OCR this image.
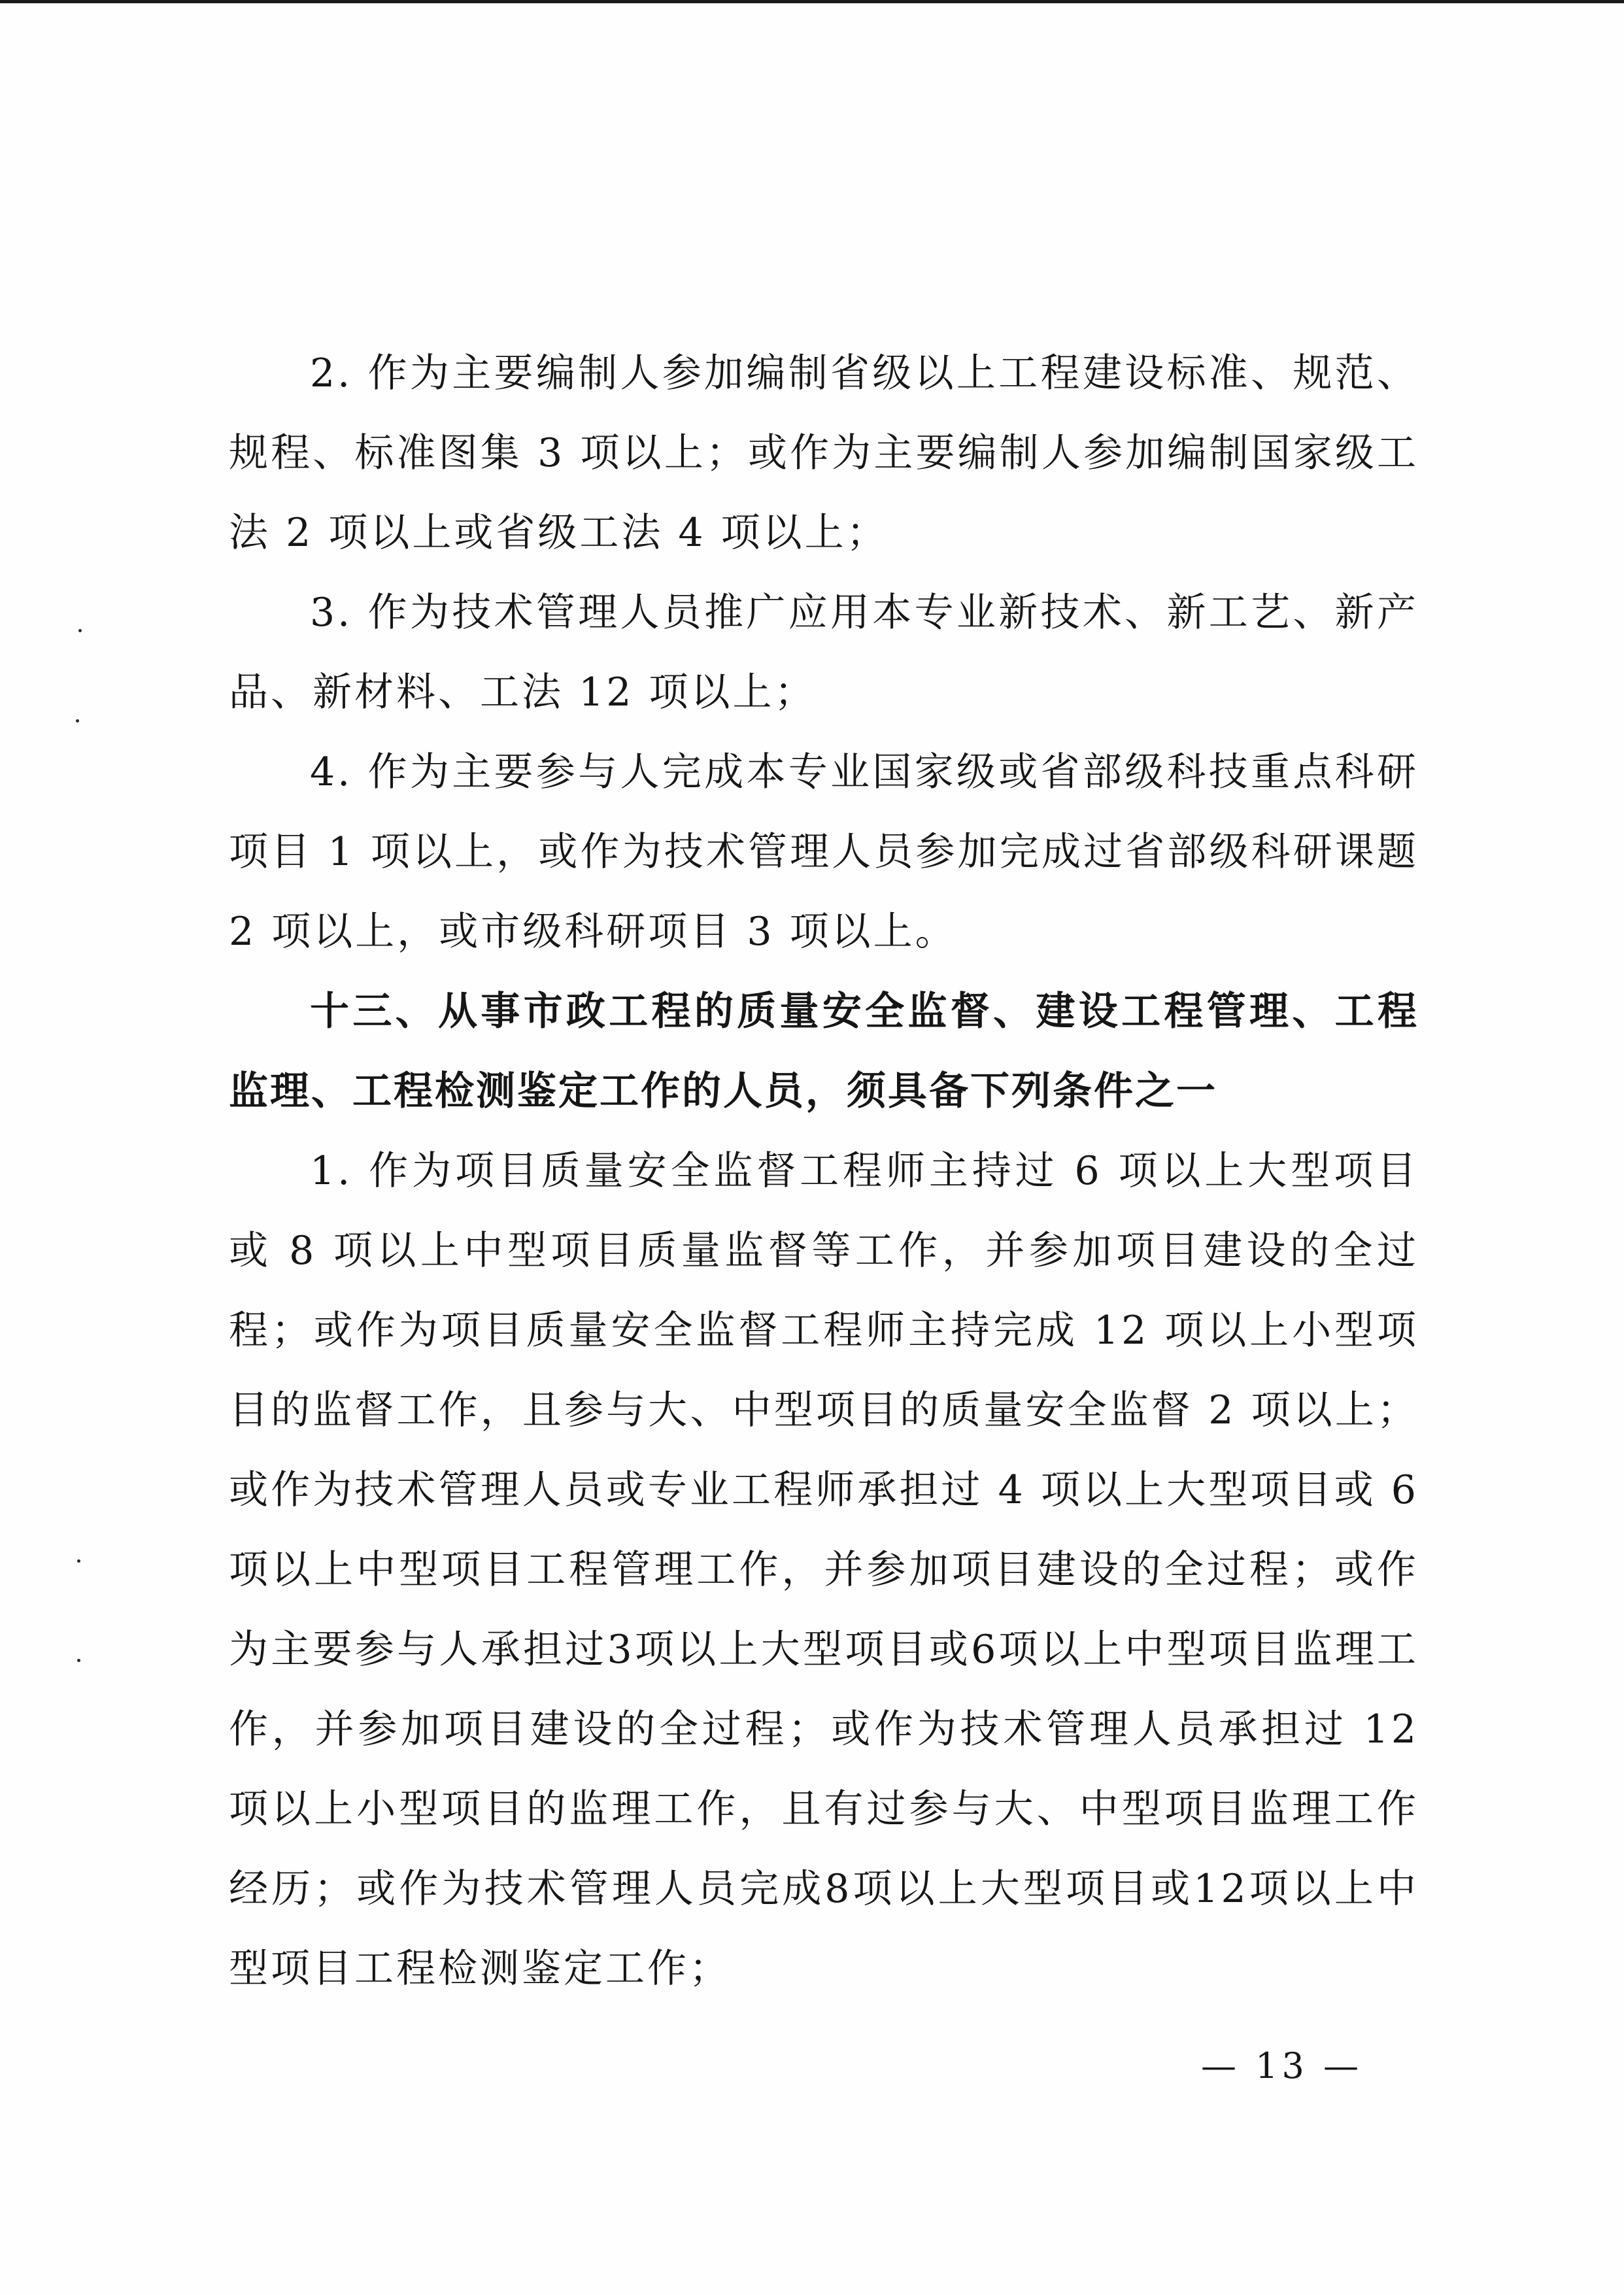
2. 作为主要编制人参加编制省级以上工程建设标准、规范、规程、标准图集 3 项以上；或作为主要编制人参加编制国家级工法 2 项以上或省级工法 4 项以上；

3. 作为技术管理人员推广应用本专业新技术、新工艺、新产品、新材料、工法 12 项以上；

4. 作为主要参与人完成本专业国家级或省部级科技重点科研项目 1 项以上，或作为技术管理人员参加完成过省部级科研课题 2 项以上，或市级科研项目 3 项以上。

十三、从事市政工程的质量安全监督、建设工程管理、工程监理、工程检测鉴定工作的人员，须具备下列条件之一

1. 作为项目质量安全监督工程师主持过 6 项以上大型项目或 8 项以上中型项目质量监督等工作，并参加项目建设的全过程；或作为项目质量安全监督工程师主持完成 12 项以上小型项目的监督工作，且参与大、中型项目的质量安全监督 2 项以上；或作为技术管理人员或专业工程师承担过 4 项以上大型项目或 6 项以上中型项目工程管理工作，并参加项目建设的全过程；或作为主要参与人承担过3项以上大型项目或6项以上中型项目监理工作，并参加项目建设的全过程；或作为技术管理人员承担过 12 项以上小型项目的监理工作，且有过参与大、中型项目监理工作经历；或作为技术管理人员完成8项以上大型项目或12项以上中型项目工程检测鉴定工作；

— 13 —
